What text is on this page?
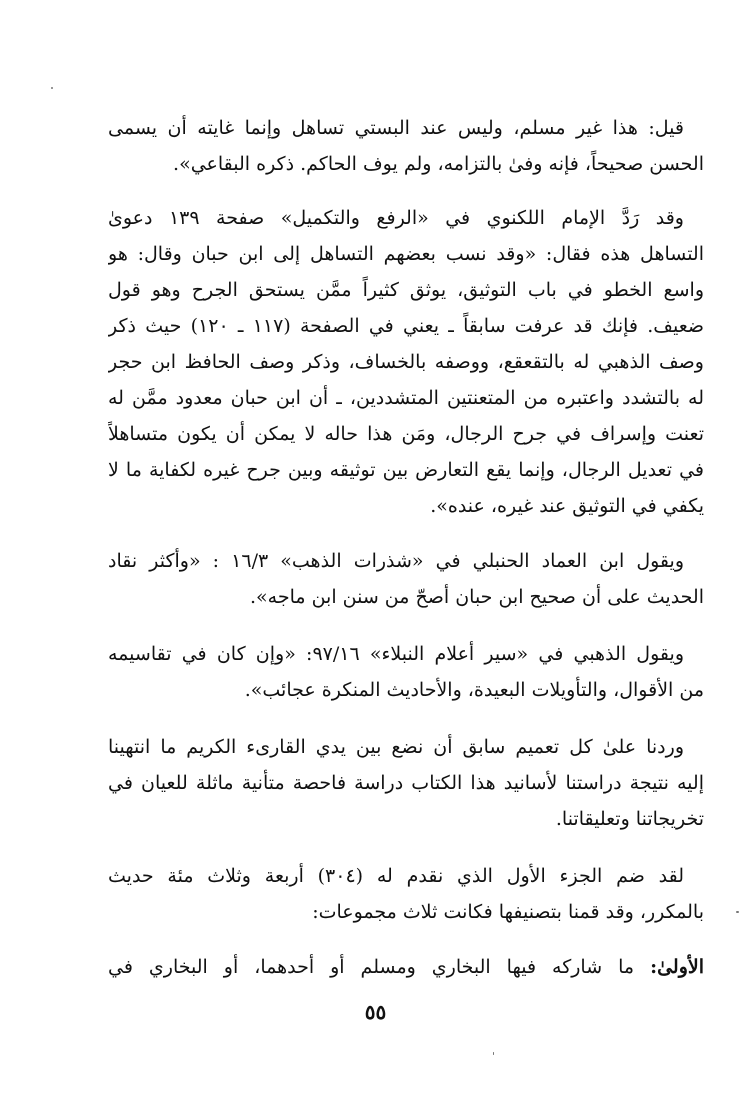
قيل: هذا غير مسلم، وليس عند البستي تساهل وإنما غايته أن يسمى
الحسن صحيحاً، فإنه وفىٰ بالتزامه، ولم يوف الحاكم. ذكره البقاعي».
وقد رَدَّ الإمام اللكنوي في «الرفع والتكميل» صفحة ١٣٩ دعوىٰ
التساهل هذه فقال: «وقد نسب بعضهم التساهل إلى ابن حبان وقال: هو
واسع الخطو في باب التوثيق، يوثق كثيراً ممَّن يستحق الجرح وهو قول
ضعيف. فإنك قد عرفت سابقاً ـ يعني في الصفحة (١١٧ ـ ١٢٠) حيث ذكر
وصف الذهبي له بالتقعقع، ووصفه بالخساف، وذكر وصف الحافظ ابن حجر
له بالتشدد واعتبره من المتعنتين المتشددين، ـ أن ابن حبان معدود ممَّن له
تعنت وإسراف في جرح الرجال، ومَن هذا حاله لا يمكن أن يكون متساهلاً
في تعديل الرجال، وإنما يقع التعارض بين توثيقه وبين جرح غيره لكفاية ما لا
يكفي في التوثيق عند غيره، عنده».
ويقول ابن العماد الحنبلي في «شذرات الذهب» ١٦/٣ : «وأكثر نقاد
الحديث على أن صحيح ابن حبان أصحّ من سنن ابن ماجه».
ويقول الذهبي في «سير أعلام النبلاء» ٩٧/١٦: «وإن كان في تقاسيمه
من الأقوال، والتأويلات البعيدة، والأحاديث المنكرة عجائب».
وردنا علىٰ كل تعميم سابق أن نضع بين يدي القارىء الكريم ما انتهينا
إليه نتيجة دراستنا لأسانيد هذا الكتاب دراسة فاحصة متأنية ماثلة للعيان في
تخريجاتنا وتعليقاتنا.
لقد ضم الجزء الأول الذي نقدم له (٣٠٤) أربعة وثلاث مئة حديث
بالمكرر، وقد قمنا بتصنيفها فكانت ثلاث مجموعات:
الأولىٰ: ما شاركه فيها البخاري ومسلم أو أحدهما، أو البخاري في
٥٥
